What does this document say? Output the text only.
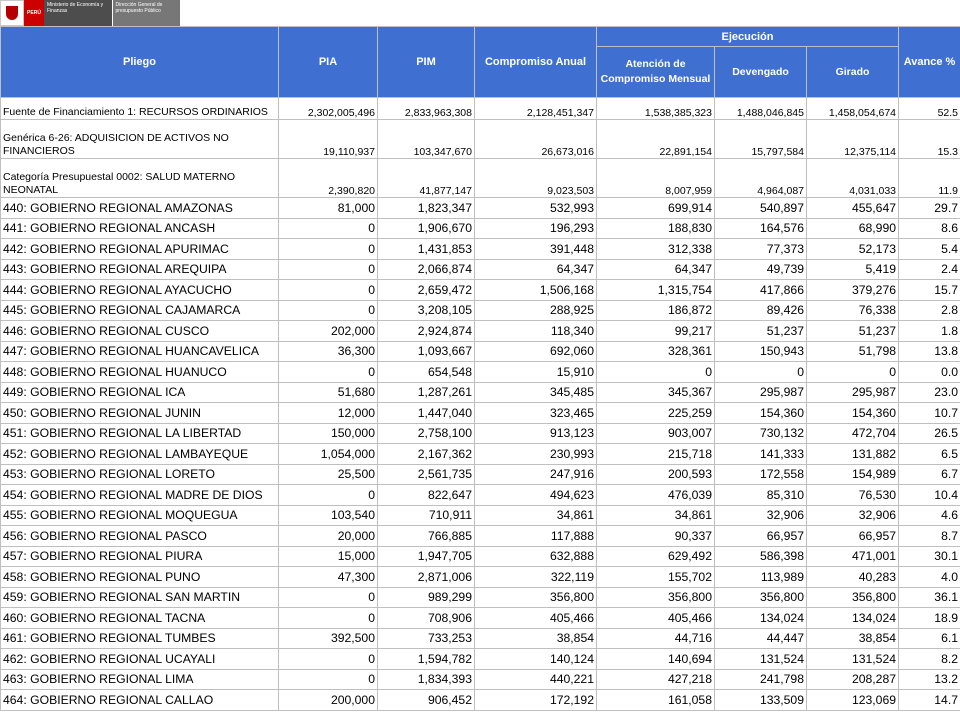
PERÚ
Ministerio de Economía y Finanzas
Dirección General de presupuesto Público
Fuente de Financiamiento 1: RECURSOS ORDINARIOS	2,302,005,496	2,833,963,308	2,128,451,347	1,538,385,323	1,488,046,845	1,458,054,674	52.5
Genérica 6-26: ADQUISICION DE ACTIVOS NO FINANCIEROS	19,110,937	103,347,670	26,673,016	22,891,154	15,797,584	12,375,114	15.3
Categoría Presupuestal 0002: SALUD MATERNO NEONATAL	2,390,820	41,877,147	9,023,503	8,007,959	4,964,087	4,031,033	11.9
Pliego	PIA	PIM	Compromiso Anual	Ejecución			Avance %
				Atención de Compromiso Mensual	Devengado	Girado	
440: GOBIERNO REGIONAL AMAZONAS	81,000	1,823,347	532,993	699,914	540,897	455,647	29.7
441: GOBIERNO REGIONAL ANCASH	0	1,906,670	196,293	188,830	164,576	68,990	8.6
442: GOBIERNO REGIONAL APURIMAC	0	1,431,853	391,448	312,338	77,373	52,173	5.4
443: GOBIERNO REGIONAL AREQUIPA	0	2,066,874	64,347	64,347	49,739	5,419	2.4
444: GOBIERNO REGIONAL AYACUCHO	0	2,659,472	1,506,168	1,315,754	417,866	379,276	15.7
445: GOBIERNO REGIONAL CAJAMARCA	0	3,208,105	288,925	186,872	89,426	76,338	2.8
446: GOBIERNO REGIONAL CUSCO	202,000	2,924,874	118,340	99,217	51,237	51,237	1.8
447: GOBIERNO REGIONAL HUANCAVELICA	36,300	1,093,667	692,060	328,361	150,943	51,798	13.8
448: GOBIERNO REGIONAL HUANUCO	0	654,548	15,910	0	0	0	0.0
449: GOBIERNO REGIONAL ICA	51,680	1,287,261	345,485	345,367	295,987	295,987	23.0
450: GOBIERNO REGIONAL JUNIN	12,000	1,447,040	323,465	225,259	154,360	154,360	10.7
451: GOBIERNO REGIONAL LA LIBERTAD	150,000	2,758,100	913,123	903,007	730,132	472,704	26.5
452: GOBIERNO REGIONAL LAMBAYEQUE	1,054,000	2,167,362	230,993	215,718	141,333	131,882	6.5
453: GOBIERNO REGIONAL LORETO	25,500	2,561,735	247,916	200,593	172,558	154,989	6.7
454: GOBIERNO REGIONAL MADRE DE DIOS	0	822,647	494,623	476,039	85,310	76,530	10.4
455: GOBIERNO REGIONAL MOQUEGUA	103,540	710,911	34,861	34,861	32,906	32,906	4.6
456: GOBIERNO REGIONAL PASCO	20,000	766,885	117,888	90,337	66,957	66,957	8.7
457: GOBIERNO REGIONAL PIURA	15,000	1,947,705	632,888	629,492	586,398	471,001	30.1
458: GOBIERNO REGIONAL PUNO	47,300	2,871,006	322,119	155,702	113,989	40,283	4.0
459: GOBIERNO REGIONAL SAN MARTIN	0	989,299	356,800	356,800	356,800	356,800	36.1
460: GOBIERNO REGIONAL TACNA	0	708,906	405,466	405,466	134,024	134,024	18.9
461: GOBIERNO REGIONAL TUMBES	392,500	733,253	38,854	44,716	44,447	38,854	6.1
462: GOBIERNO REGIONAL UCAYALI	0	1,594,782	140,124	140,694	131,524	131,524	8.2
463: GOBIERNO REGIONAL LIMA	0	1,834,393	440,221	427,218	241,798	208,287	13.2
464: GOBIERNO REGIONAL CALLAO	200,000	906,452	172,192	161,058	133,509	123,069	14.7
